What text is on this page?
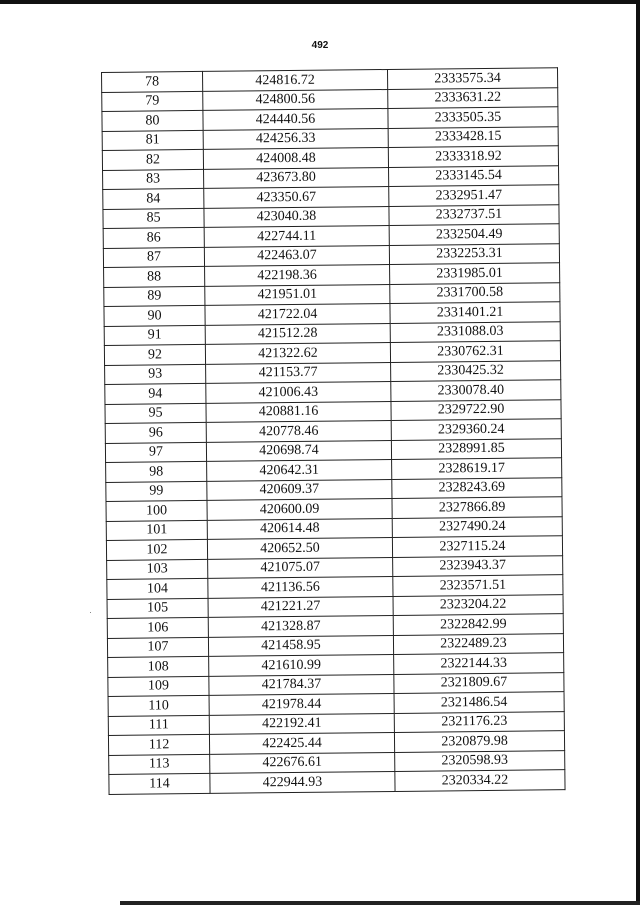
492
78	424816.72	2333575.34
79	424800.56	2333631.22
80	424440.56	2333505.35
81	424256.33	2333428.15
82	424008.48	2333318.92
83	423673.80	2333145.54
84	423350.67	2332951.47
85	423040.38	2332737.51
86	422744.11	2332504.49
87	422463.07	2332253.31
88	422198.36	2331985.01
89	421951.01	2331700.58
90	421722.04	2331401.21
91	421512.28	2331088.03
92	421322.62	2330762.31
93	421153.77	2330425.32
94	421006.43	2330078.40
95	420881.16	2329722.90
96	420778.46	2329360.24
97	420698.74	2328991.85
98	420642.31	2328619.17
99	420609.37	2328243.69
100	420600.09	2327866.89
101	420614.48	2327490.24
102	420652.50	2327115.24
103	421075.07	2323943.37
104	421136.56	2323571.51
105	421221.27	2323204.22
106	421328.87	2322842.99
107	421458.95	2322489.23
108	421610.99	2322144.33
109	421784.37	2321809.67
110	421978.44	2321486.54
111	422192.41	2321176.23
112	422425.44	2320879.98
113	422676.61	2320598.93
114	422944.93	2320334.22
